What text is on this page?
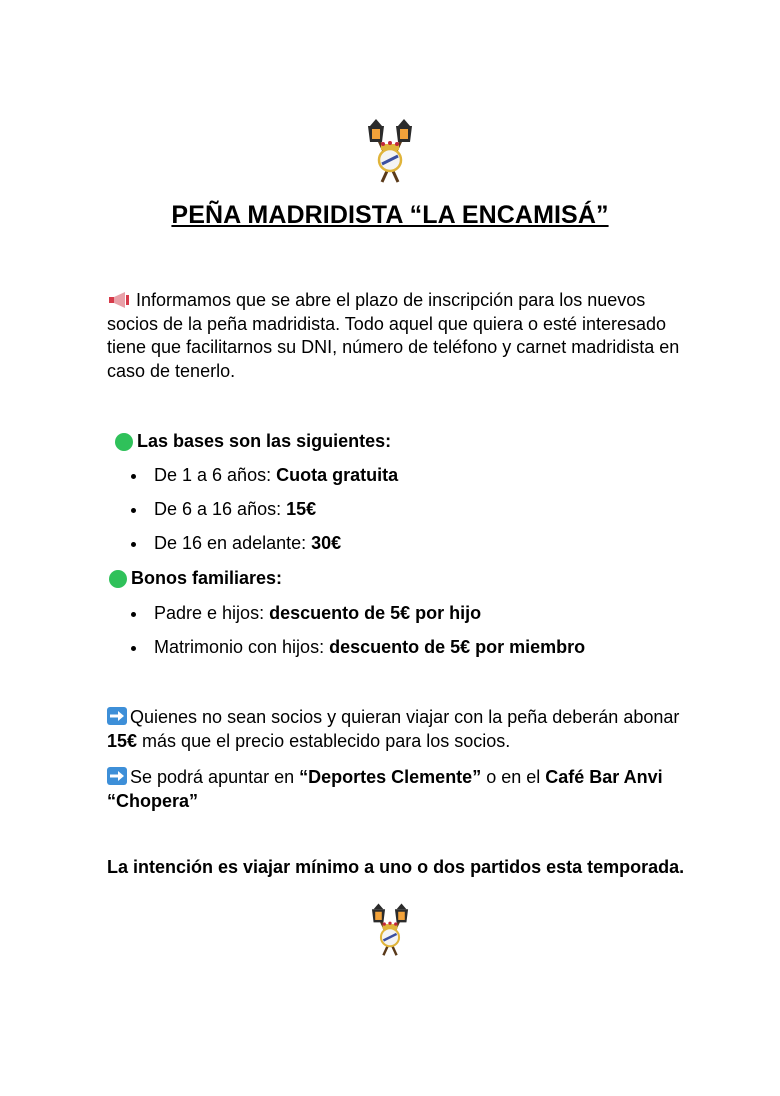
PEÑA MADRIDISTA “LA ENCAMISÁ”
Informamos que se abre el plazo de inscripción para los nuevos socios de la peña madridista. Todo aquel que quiera o esté interesado tiene que facilitarnos su DNI, número de teléfono y carnet madridista en caso de tenerlo.
Las bases son las siguientes:
De 1 a 6 años: Cuota gratuita
De 6 a 16 años: 15€
De 16 en adelante: 30€
Bonos familiares:
Padre e hijos: descuento de 5€ por hijo
Matrimonio con hijos: descuento de 5€ por miembro
Quienes no sean socios y quieran viajar con la peña deberán abonar 15€ más que el precio establecido para los socios.
Se podrá apuntar en “Deportes Clemente” o en el Café Bar Anvi “Chopera”
La intención es viajar mínimo a uno o dos partidos esta temporada.
